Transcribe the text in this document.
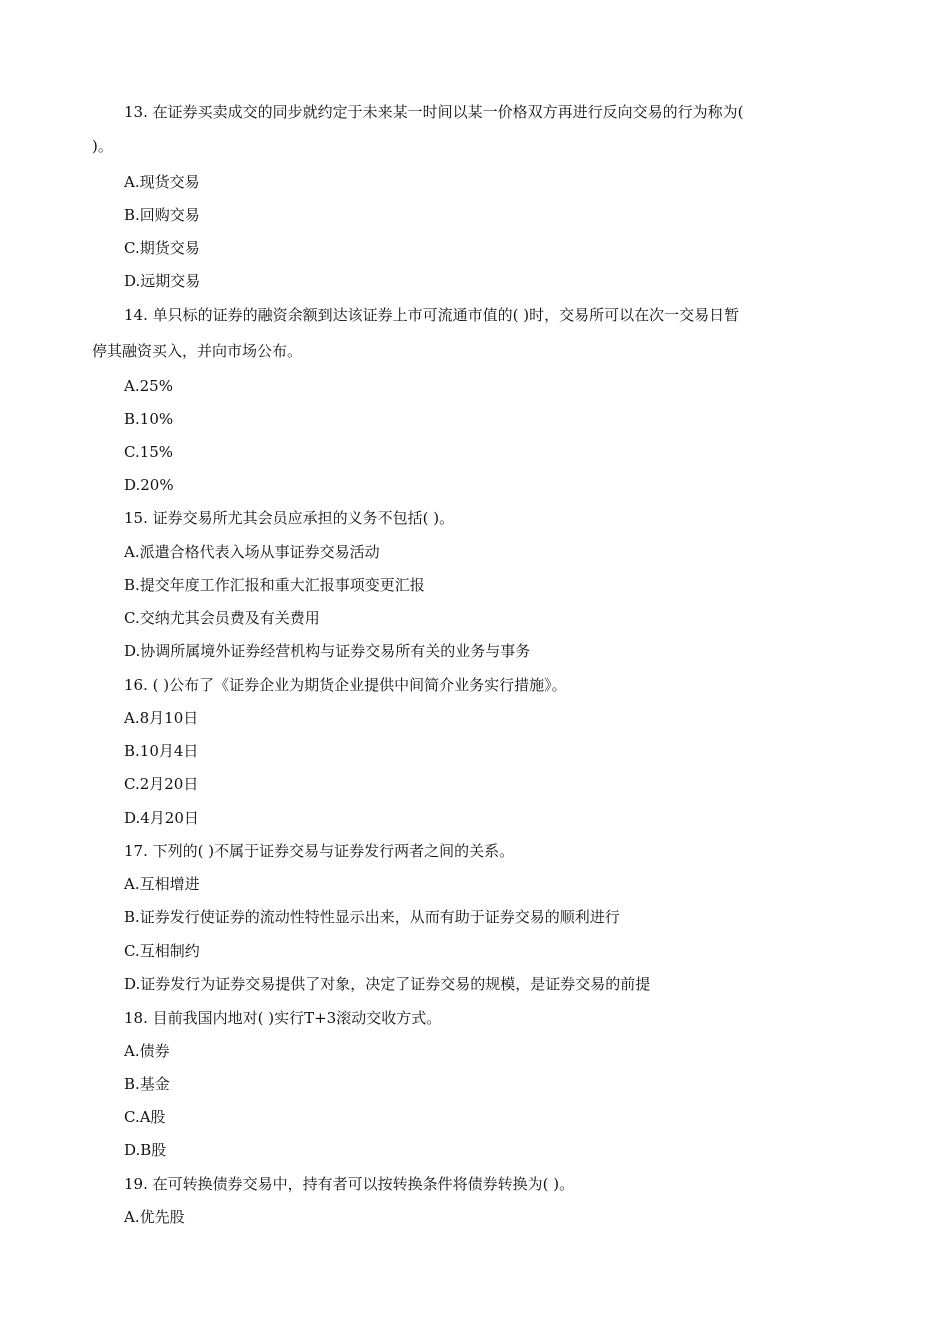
13. 在证券买卖成交的同步就约定于未来某一时间以某一价格双方再进行反向交易的行为称为(
)。
A.现货交易
B.回购交易
C.期货交易
D.远期交易
14. 单只标的证券的融资余额到达该证券上市可流通市值的( )时，交易所可以在次一交易日暂
停其融资买入，并向市场公布。
A.25%
B.10%
C.15%
D.20%
15. 证券交易所尤其会员应承担的义务不包括( )。
A.派遣合格代表入场从事证券交易活动
B.提交年度工作汇报和重大汇报事项变更汇报
C.交纳尤其会员费及有关费用
D.协调所属境外证券经营机构与证券交易所有关的业务与事务
16. ( )公布了《证券企业为期货企业提供中间简介业务实行措施》。
A.8月10日
B.10月4日
C.2月20日
D.4月20日
17. 下列的( )不属于证券交易与证券发行两者之间的关系。
A.互相增进
B.证券发行使证券的流动性特性显示出来，从而有助于证券交易的顺利进行
C.互相制约
D.证券发行为证券交易提供了对象，决定了证券交易的规模，是证券交易的前提
18. 目前我国内地对( )实行T+3滚动交收方式。
A.债券
B.基金
C.A股
D.B股
19. 在可转换债券交易中，持有者可以按转换条件将债券转换为( )。
A.优先股
